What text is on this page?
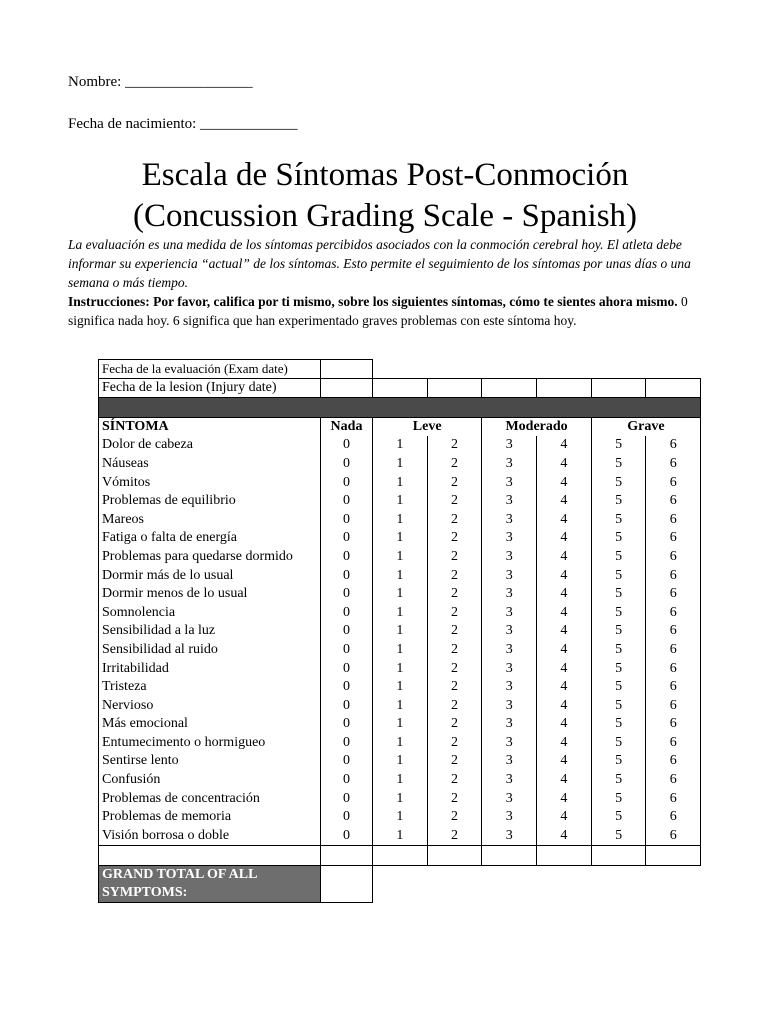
Nombre: _________________
Fecha de nacimiento: _____________
Escala de Síntomas Post-Conmoción
(Concussion Grading Scale - Spanish)
La evaluación es una medida de los síntomas percibidos asociados con la conmoción cerebral hoy. El atleta debe informar su experiencia “actual” de los síntomas. Esto permite el seguimiento de los síntomas por unas días o una semana o más tiempo.
Instrucciones: Por favor, califica por ti mismo, sobre los siguientes síntomas, cómo te sientes ahora mismo. 0 significa nada hoy. 6 significa que han experimentado graves problemas con este síntoma hoy.
Fecha de la evaluación (Exam date)							
Fecha de la lesion (Injury date)							

SÍNTOMA	Nada	Leve		Moderado		Grave	
Dolor de cabeza	0	1	2	3	4	5	6
Náuseas	0	1	2	3	4	5	6
Vómitos	0	1	2	3	4	5	6
Problemas de equilibrio	0	1	2	3	4	5	6
Mareos	0	1	2	3	4	5	6
Fatiga o falta de energía	0	1	2	3	4	5	6
Problemas para quedarse dormido	0	1	2	3	4	5	6
Dormir más de lo usual	0	1	2	3	4	5	6
Dormir menos de lo usual	0	1	2	3	4	5	6
Somnolencia	0	1	2	3	4	5	6
Sensibilidad a la luz	0	1	2	3	4	5	6
Sensibilidad al ruido	0	1	2	3	4	5	6
Irritabilidad	0	1	2	3	4	5	6
Tristeza	0	1	2	3	4	5	6
Nervioso	0	1	2	3	4	5	6
Más emocional	0	1	2	3	4	5	6
Entumecimento o hormigueo	0	1	2	3	4	5	6
Sentirse lento	0	1	2	3	4	5	6
Confusión	0	1	2	3	4	5	6
Problemas de concentración	0	1	2	3	4	5	6
Problemas de memoria	0	1	2	3	4	5	6
Visión borrosa o doble	0	1	2	3	4	5	6

GRAND TOTAL OF ALL SYMPTOMS:							
